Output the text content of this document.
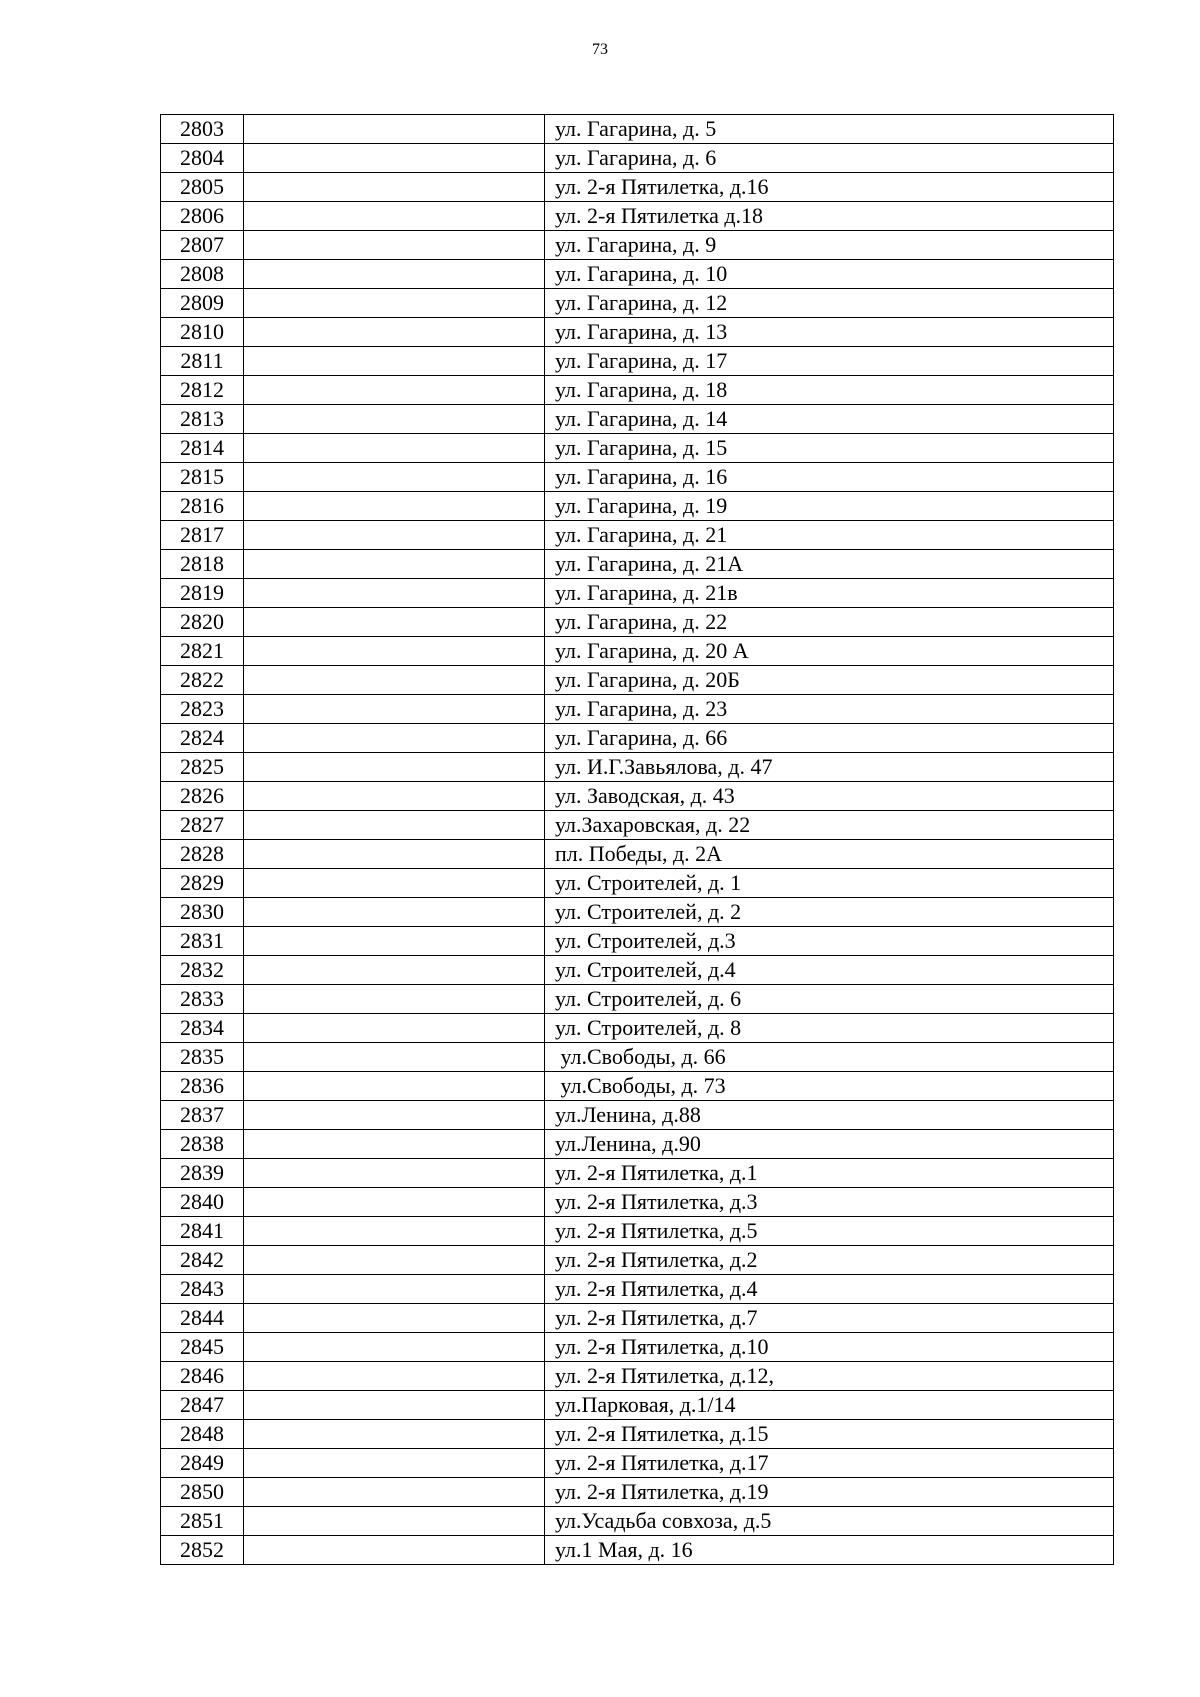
73
2803		ул. Гагарина, д. 5
2804		ул. Гагарина, д. 6
2805		ул. 2-я Пятилетка, д.16
2806		ул. 2-я Пятилетка д.18
2807		ул. Гагарина, д. 9
2808		ул. Гагарина, д. 10
2809		ул. Гагарина, д. 12
2810		ул. Гагарина, д. 13
2811		ул. Гагарина, д. 17
2812		ул. Гагарина, д. 18
2813		ул. Гагарина, д. 14
2814		ул. Гагарина, д. 15
2815		ул. Гагарина, д. 16
2816		ул. Гагарина, д. 19
2817		ул. Гагарина, д. 21
2818		ул. Гагарина, д. 21А
2819		ул. Гагарина, д. 21в
2820		ул. Гагарина, д. 22
2821		ул. Гагарина, д. 20 А
2822		ул. Гагарина, д. 20Б
2823		ул. Гагарина, д. 23
2824		ул. Гагарина, д. 66
2825		ул. И.Г.Завьялова, д. 47
2826		ул. Заводская, д. 43
2827		ул.Захаровская, д. 22
2828		пл. Победы, д. 2А
2829		ул. Строителей, д. 1
2830		ул. Строителей, д. 2
2831		ул. Строителей, д.3
2832		ул. Строителей, д.4
2833		ул. Строителей, д. 6
2834		ул. Строителей, д. 8
2835		ул.Свободы, д. 66
2836		ул.Свободы, д. 73
2837		ул.Ленина, д.88
2838		ул.Ленина, д.90
2839		ул. 2-я Пятилетка, д.1
2840		ул. 2-я Пятилетка, д.3
2841		ул. 2-я Пятилетка, д.5
2842		ул. 2-я Пятилетка, д.2
2843		ул. 2-я Пятилетка, д.4
2844		ул. 2-я Пятилетка, д.7
2845		ул. 2-я Пятилетка, д.10
2846		ул. 2-я Пятилетка, д.12,
2847		ул.Парковая, д.1/14
2848		ул. 2-я Пятилетка, д.15
2849		ул. 2-я Пятилетка, д.17
2850		ул. 2-я Пятилетка, д.19
2851		ул.Усадьба совхоза, д.5
2852		ул.1 Мая, д. 16
